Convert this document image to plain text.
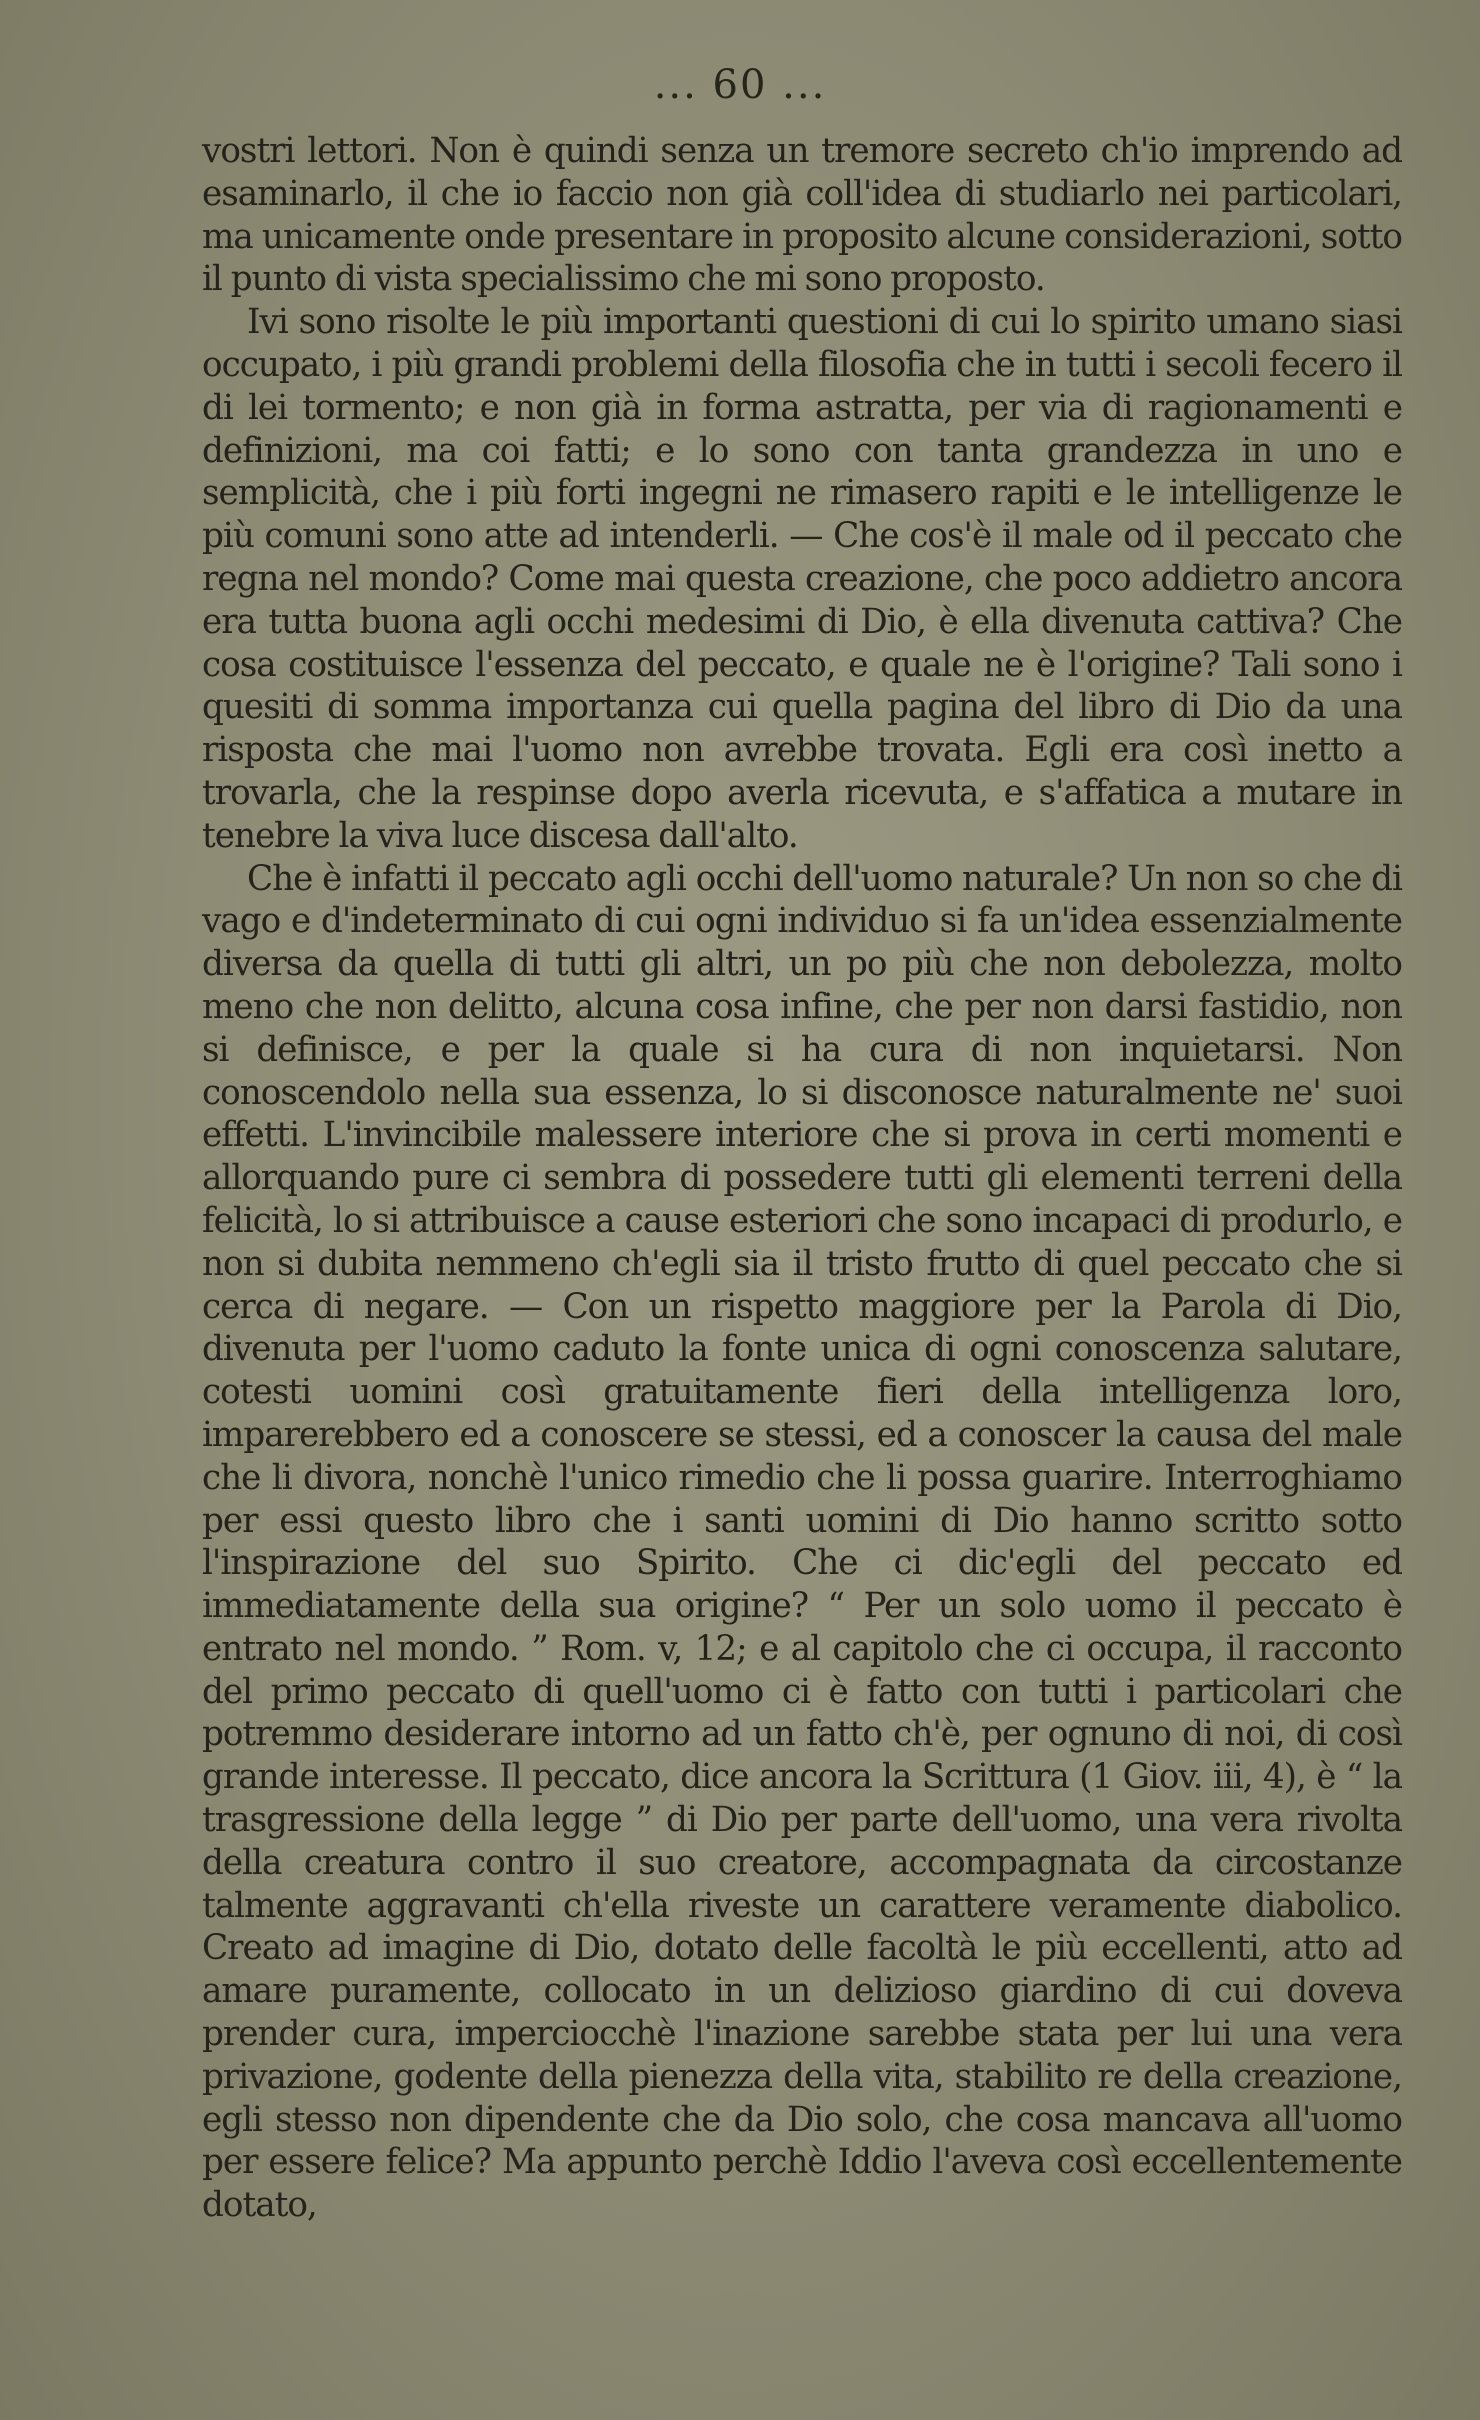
... 60 ...

vostri lettori. Non è quindi senza un tremore secreto ch'io imprendo ad esaminarlo, il che io faccio non già coll'idea di studiarlo nei particolari, ma unicamente onde presentare in proposito alcune considerazioni, sotto il punto di vista specialissimo che mi sono proposto.

Ivi sono risolte le più importanti questioni di cui lo spirito umano siasi occupato, i più grandi problemi della filosofia che in tutti i secoli fecero il di lei tormento; e non già in forma astratta, per via di ragionamenti e definizioni, ma coi fatti; e lo sono con tanta grandezza in uno e semplicità, che i più forti ingegni ne rimasero rapiti e le intelligenze le più comuni sono atte ad intenderli. — Che cos'è il male od il peccato che regna nel mondo? Come mai questa creazione, che poco addietro ancora era tutta buona agli occhi medesimi di Dio, è ella divenuta cattiva? Che cosa costituisce l'essenza del peccato, e quale ne è l'origine? Tali sono i quesiti di somma importanza cui quella pagina del libro di Dio da una risposta che mai l'uomo non avrebbe trovata. Egli era così inetto a trovarla, che la respinse dopo averla ricevuta, e s'affatica a mutare in tenebre la viva luce discesa dall'alto.

Che è infatti il peccato agli occhi dell'uomo naturale? Un non so che di vago e d'indeterminato di cui ogni individuo si fa un'idea essenzialmente diversa da quella di tutti gli altri, un po più che non debolezza, molto meno che non delitto, alcuna cosa infine, che per non darsi fastidio, non si definisce, e per la quale si ha cura di non inquietarsi. Non conoscendolo nella sua essenza, lo si disconosce naturalmente ne' suoi effetti. L'invincibile malessere interiore che si prova in certi momenti e allorquando pure ci sembra di possedere tutti gli elementi terreni della felicità, lo si attribuisce a cause esteriori che sono incapaci di produrlo, e non si dubita nemmeno ch'egli sia il tristo frutto di quel peccato che si cerca di negare. — Con un rispetto maggiore per la Parola di Dio, divenuta per l'uomo caduto la fonte unica di ogni conoscenza salutare, cotesti uomini così gratuitamente fieri della intelligenza loro, imparerebbero ed a conoscere se stessi, ed a conoscer la causa del male che li divora, nonchè l'unico rimedio che li possa guarire. Interroghiamo per essi questo libro che i santi uomini di Dio hanno scritto sotto l'inspirazione del suo Spirito. Che ci dic'egli del peccato ed immediatamente della sua origine? “ Per un solo uomo il peccato è entrato nel mondo. ” Rom. v, 12; e al capitolo che ci occupa, il racconto del primo peccato di quell'uomo ci è fatto con tutti i particolari che potremmo desiderare intorno ad un fatto ch'è, per ognuno di noi, di così grande interesse. Il peccato, dice ancora la Scrittura (1 Giov. iii, 4), è “ la trasgressione della legge ” di Dio per parte dell'uomo, una vera rivolta della creatura contro il suo creatore, accompagnata da circostanze talmente aggravanti ch'ella riveste un carattere veramente diabolico. Creato ad imagine di Dio, dotato delle facoltà le più eccellenti, atto ad amare puramente, collocato in un delizioso giardino di cui doveva prender cura, imperciocchè l'inazione sarebbe stata per lui una vera privazione, godente della pienezza della vita, stabilito re della creazione, egli stesso non dipendente che da Dio solo, che cosa mancava all'uomo per essere felice? Ma appunto perchè Iddio l'aveva così eccellentemente dotato,
